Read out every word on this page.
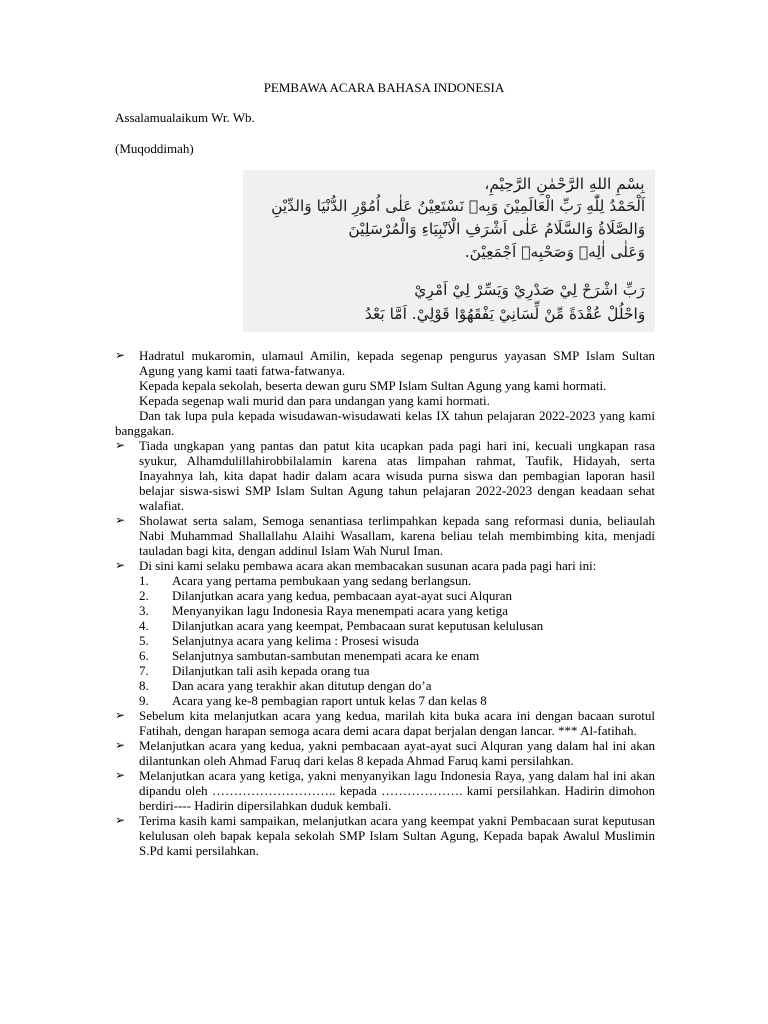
PEMBAWA ACARA BAHASA INDONESIA
Assalamualaikum Wr. Wb.
(Muqoddimah)
بِسْمِ اللهِ الرَّحْمٰنِ الرَّحِيْمِ،
اَلْحَمْدُ لِلّٰهِ رَبِّ الْعَالَمِيْنَ وَبِهٖ نَسْتَعِيْنُ عَلٰى اُمُوْرِ الدُّنْيَا وَالدِّيْنِ
وَالصَّلَاةُ وَالسَّلَامُ عَلٰى اَشْرَفِ الْاَنْبِيَاءِ وَالْمُرْسَلِيْنَ
وَعَلٰى اٰلِهٖ وَصَحْبِهٖ اَجْمَعِيْنَ.
رَبِّ اشْرَحْ لِيْ صَدْرِيْ وَيَسِّرْ لِيْ اَمْرِيْ
وَاحْلُلْ عُقْدَةً مِّنْ لِّسَانِيْ يَفْقَهُوْا قَوْلِيْ. اَمَّا بَعْدُ
➢	Hadratul mukaromin, ulamaul Amilin, kepada segenap pengurus yayasan SMP Islam Sultan Agung yang kami taati fatwa-fatwanya.
Kepada kepala sekolah, beserta dewan guru SMP Islam Sultan Agung yang kami hormati.
Kepada segenap wali murid dan para undangan yang kami hormati.
Dan tak lupa pula kepada wisudawan-wisudawati kelas IX tahun pelajaran 2022-2023 yang kami banggakan.
➢	Tiada ungkapan yang pantas dan patut kita ucapkan pada pagi hari ini, kecuali ungkapan rasa syukur, Alhamdulillahirobbilalamin karena atas limpahan rahmat, Taufik, Hidayah, serta Inayahnya lah, kita dapat hadir dalam acara wisuda purna siswa dan pembagian laporan hasil belajar siswa-siswi SMP Islam Sultan Agung tahun pelajaran 2022-2023 dengan keadaan sehat walafiat.
➢	Sholawat serta salam, Semoga senantiasa terlimpahkan kepada sang reformasi dunia, beliaulah Nabi Muhammad Shallallahu Alaihi Wasallam, karena beliau telah membimbing kita, menjadi tauladan bagi kita, dengan addinul Islam Wah Nurul Iman.
➢	Di sini kami selaku pembawa acara akan membacakan susunan acara pada pagi hari ini:
1. Acara yang pertama pembukaan yang sedang berlangsun.
2. Dilanjutkan acara yang kedua, pembacaan ayat-ayat suci Alquran
3. Menyanyikan lagu Indonesia Raya menempati acara yang ketiga
4. Dilanjutkan acara yang keempat, Pembacaan surat keputusan kelulusan
5. Selanjutnya acara yang kelima : Prosesi wisuda
6. Selanjutnya sambutan-sambutan menempati acara ke enam
7. Dilanjutkan tali asih kepada orang tua
8. Dan acara yang terakhir akan ditutup dengan do’a
9. Acara yang ke-8 pembagian raport untuk kelas 7 dan kelas 8
➢	Sebelum kita melanjutkan acara yang kedua, marilah kita buka acara ini dengan bacaan surotul Fatihah, dengan harapan semoga acara demi acara dapat berjalan dengan lancar. *** Al-fatihah.
➢	Melanjutkan acara yang kedua, yakni pembacaan ayat-ayat suci Alquran yang dalam hal ini akan dilantunkan oleh Ahmad Faruq dari kelas 8 kepada Ahmad Faruq kami persilahkan.
➢	Melanjutkan acara yang ketiga, yakni menyanyikan lagu Indonesia Raya, yang dalam hal ini akan dipandu oleh ……………………….. kepada ………………. kami persilahkan. Hadirin dimohon berdiri---- Hadirin dipersilahkan duduk kembali.
➢	Terima kasih kami sampaikan, melanjutkan acara yang keempat yakni Pembacaan surat keputusan kelulusan oleh bapak kepala sekolah SMP Islam Sultan Agung, Kepada bapak Awalul Muslimin S.Pd kami persilahkan.
